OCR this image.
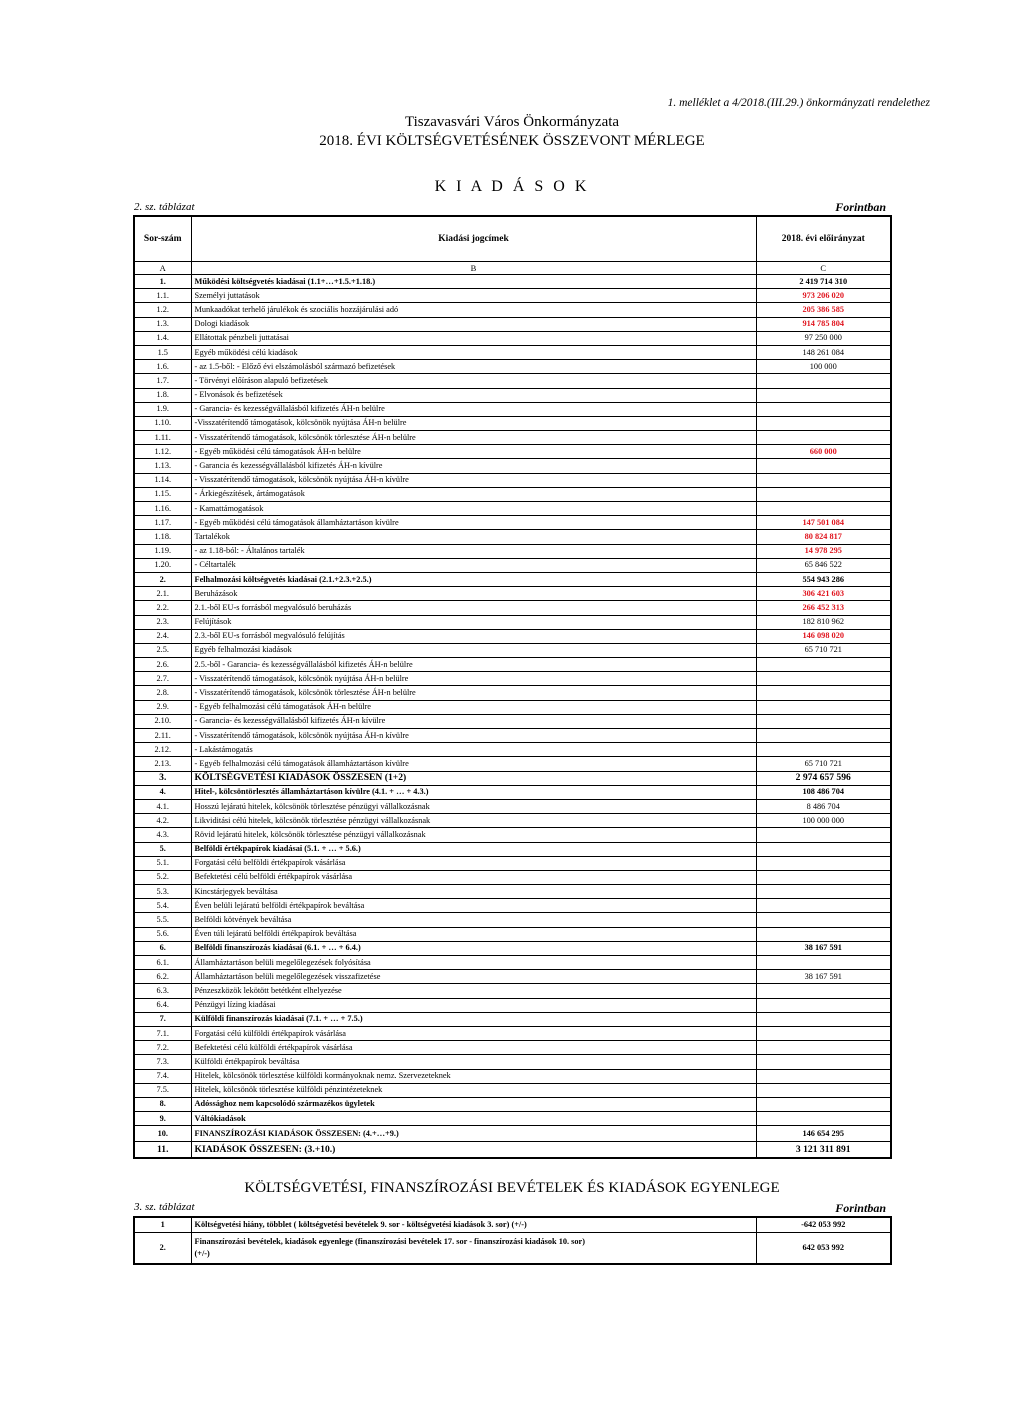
1. melléklet a 4/2018.(III.29.) önkormányzati rendelethez
Tiszavasvári Város Önkormányzata
2018. ÉVI KÖLTSÉGVETÉSÉNEK ÖSSZEVONT MÉRLEGE
K I A D Á S O K
2. sz. táblázat	Forintban
Sor-szám	Kiadási jogcímek	2018. évi előirányzat
A	B	C
1.	Működési költségvetés kiadásai (1.1+…+1.5.+1.18.)	2 419 714 310
1.1.	Személyi juttatások	973 206 020
1.2.	Munkaadókat terhelő járulékok és szociális hozzájárulási adó	205 386 585
1.3.	Dologi kiadások	914 785 804
1.4.	Ellátottak pénzbeli juttatásai	97 250 000
1.5	Egyéb működési célú kiadások	148 261 084
1.6.	- az 1.5-ből: - Előző évi elszámolásból származó befizetések	100 000
1.7.	- Törvényi előíráson alapuló befizetések	
1.8.	- Elvonások és befizetések	
1.9.	- Garancia- és kezességvállalásból kifizetés ÁH-n belülre	
1.10.	-Visszatérítendő támogatások, kölcsönök nyújtása ÁH-n belülre	
1.11.	- Visszatérítendő támogatások, kölcsönök törlesztése ÁH-n belülre	
1.12.	- Egyéb működési célú támogatások ÁH-n belülre	660 000
1.13.	- Garancia és kezességvállalásból kifizetés ÁH-n kívülre	
1.14.	- Visszatérítendő támogatások, kölcsönök nyújtása ÁH-n kívülre	
1.15.	- Árkiegészítések, ártámogatások	
1.16.	- Kamattámogatások	
1.17.	- Egyéb működési célú támogatások államháztartáson kívülre	147 501 084
1.18.	Tartalékok	80 824 817
1.19.	- az 1.18-ból: - Általános tartalék	14 978 295
1.20.	- Céltartalék	65 846 522
2.	Felhalmozási költségvetés kiadásai (2.1.+2.3.+2.5.)	554 943 286
2.1.	Beruházások	306 421 603
2.2.	2.1.-ből EU-s forrásból megvalósuló beruházás	266 452 313
2.3.	Felújítások	182 810 962
2.4.	2.3.-ből EU-s forrásból megvalósuló felújítás	146 098 020
2.5.	Egyéb felhalmozási kiadások	65 710 721
2.6.	2.5.-ből - Garancia- és kezességvállalásból kifizetés ÁH-n belülre	
2.7.	- Visszatérítendő támogatások, kölcsönök nyújtása ÁH-n belülre	
2.8.	- Visszatérítendő támogatások, kölcsönök törlesztése ÁH-n belülre	
2.9.	- Egyéb felhalmozási célú támogatások ÁH-n belülre	
2.10.	- Garancia- és kezességvállalásból kifizetés ÁH-n kívülre	
2.11.	- Visszatérítendő támogatások, kölcsönök nyújtása ÁH-n kívülre	
2.12.	- Lakástámogatás	
2.13.	- Egyéb felhalmozási célú támogatások államháztartáson kívülre	65 710 721
3.	KÖLTSÉGVETÉSI KIADÁSOK ÖSSZESEN (1+2)	2 974 657 596
4.	Hitel-, kölcsöntörlesztés államháztartáson kívülre (4.1. + … + 4.3.)	108 486 704
4.1.	Hosszú lejáratú hitelek, kölcsönök törlesztése pénzügyi vállalkozásnak	8 486 704
4.2.	Likviditási célú hitelek, kölcsönök törlesztése pénzügyi vállalkozásnak	100 000 000
4.3.	Rövid lejáratú hitelek, kölcsönök törlesztése pénzügyi vállalkozásnak	
5.	Belföldi értékpapírok kiadásai (5.1. + … + 5.6.)	
5.1.	Forgatási célú belföldi értékpapírok vásárlása	
5.2.	Befektetési célú belföldi értékpapírok vásárlása	
5.3.	Kincstárjegyek beváltása	
5.4.	Éven belüli lejáratú belföldi értékpapírok beváltása	
5.5.	Belföldi kötvények beváltása	
5.6.	Éven túli lejáratú belföldi értékpapírok beváltása	
6.	Belföldi finanszírozás kiadásai (6.1. + … + 6.4.)	38 167 591
6.1.	Államháztartáson belüli megelőlegezések folyósítása	
6.2.	Államháztartáson belüli megelőlegezések visszafizetése	38 167 591
6.3.	Pénzeszközök lekötött betétként elhelyezése	
6.4.	Pénzügyi lízing kiadásai	
7.	Külföldi finanszírozás kiadásai (7.1. + … + 7.5.)	
7.1.	Forgatási célú külföldi értékpapírok vásárlása	
7.2.	Befektetési célú külföldi értékpapírok vásárlása	
7.3.	Külföldi értékpapírok beváltása	
7.4.	Hitelek, kölcsönök törlesztése külföldi kormányoknak nemz. Szervezeteknek	
7.5.	Hitelek, kölcsönök törlesztése külföldi pénzintézeteknek	
8.	Adóssághoz nem kapcsolódó származékos ügyletek	
9.	Váltókiadások	
10.	FINANSZÍROZÁSI KIADÁSOK ÖSSZESEN: (4.+…+9.)	146 654 295
11.	KIADÁSOK ÖSSZESEN: (3.+10.)	3 121 311 891
KÖLTSÉGVETÉSI, FINANSZÍROZÁSI BEVÉTELEK ÉS KIADÁSOK EGYENLEGE
3. sz. táblázat	Forintban
1	Költségvetési hiány, többlet ( költségvetési bevételek 9. sor - költségvetési kiadások 3. sor) (+/-)	-642 053 992
2.	Finanszírozási bevételek, kiadások egyenlege (finanszírozási bevételek 17. sor - finanszírozási kiadások 10. sor)
(+/-)	642 053 992
